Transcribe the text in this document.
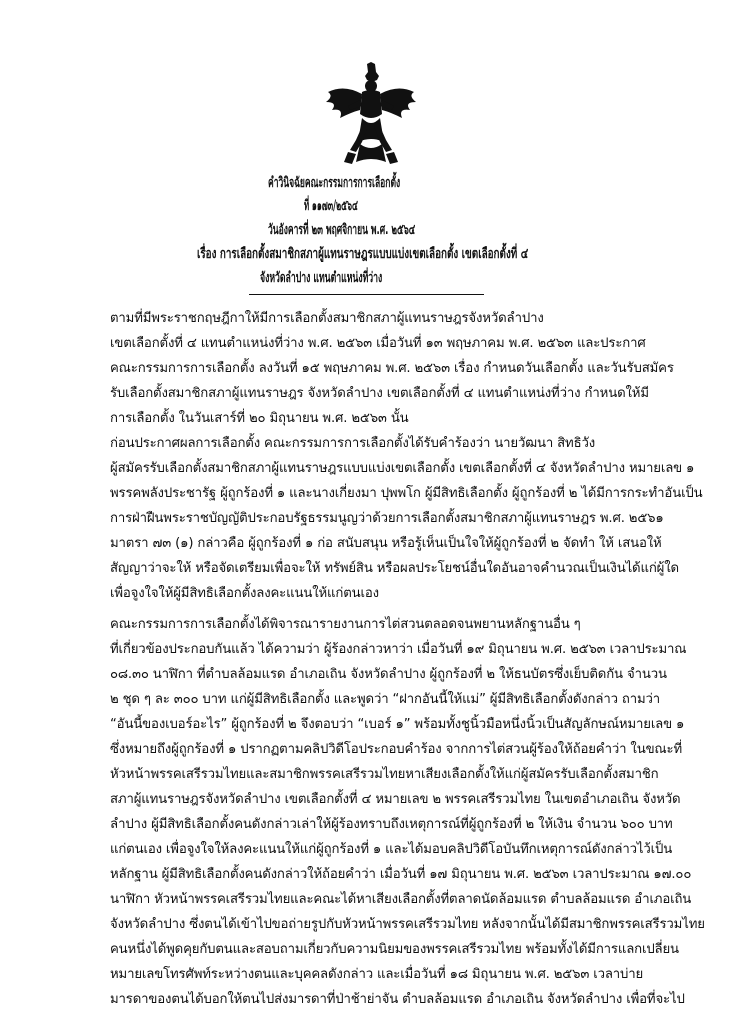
คำวินิจฉัยคณะกรรมการการเลือกตั้ง
ที่ ๑๑๗๓/๒๕๖๔
วันอังคารที่ ๒๓ พฤศจิกายน พ.ศ. ๒๕๖๔
เรื่อง การเลือกตั้งสมาชิกสภาผู้แทนราษฎรแบบแบ่งเขตเลือกตั้ง เขตเลือกตั้งที่ ๔
จังหวัดลำปาง แทนตำแหน่งที่ว่าง
ตามที่มีพระราชกฤษฎีกาให้มีการเลือกตั้งสมาชิกสภาผู้แทนราษฎรจังหวัดลำปาง
เขตเลือกตั้งที่ ๔ แทนตำแหน่งที่ว่าง พ.ศ. ๒๕๖๓ เมื่อวันที่ ๑๓ พฤษภาคม พ.ศ. ๒๕๖๓ และประกาศ
คณะกรรมการการเลือกตั้ง ลงวันที่ ๑๕ พฤษภาคม พ.ศ. ๒๕๖๓ เรื่อง กำหนดวันเลือกตั้ง และวันรับสมัคร
รับเลือกตั้งสมาชิกสภาผู้แทนราษฎร จังหวัดลำปาง เขตเลือกตั้งที่ ๔ แทนตำแหน่งที่ว่าง กำหนดให้มี
การเลือกตั้ง ในวันเสาร์ที่ ๒๐ มิถุนายน พ.ศ. ๒๕๖๓ นั้น
ก่อนประกาศผลการเลือกตั้ง คณะกรรมการการเลือกตั้งได้รับคำร้องว่า นายวัฒนา สิทธิวัง
ผู้สมัครรับเลือกตั้งสมาชิกสภาผู้แทนราษฎรแบบแบ่งเขตเลือกตั้ง เขตเลือกตั้งที่ ๔ จังหวัดลำปาง หมายเลข ๑
พรรคพลังประชารัฐ ผู้ถูกร้องที่ ๑ และนางเกี่ยงมา ปุพพโก ผู้มีสิทธิเลือกตั้ง ผู้ถูกร้องที่ ๒ ได้มีการกระทำอันเป็น
การฝ่าฝืนพระราชบัญญัติประกอบรัฐธรรมนูญว่าด้วยการเลือกตั้งสมาชิกสภาผู้แทนราษฎร พ.ศ. ๒๕๖๑
มาตรา ๗๓ (๑) กล่าวคือ ผู้ถูกร้องที่ ๑ ก่อ สนับสนุน หรือรู้เห็นเป็นใจให้ผู้ถูกร้องที่ ๒ จัดทำ ให้ เสนอให้
สัญญาว่าจะให้ หรือจัดเตรียมเพื่อจะให้ ทรัพย์สิน หรือผลประโยชน์อื่นใดอันอาจคำนวณเป็นเงินได้แก่ผู้ใด
เพื่อจูงใจให้ผู้มีสิทธิเลือกตั้งลงคะแนนให้แก่ตนเอง
คณะกรรมการการเลือกตั้งได้พิจารณารายงานการไต่สวนตลอดจนพยานหลักฐานอื่น ๆ
ที่เกี่ยวข้องประกอบกันแล้ว ได้ความว่า ผู้ร้องกล่าวหาว่า เมื่อวันที่ ๑๙ มิถุนายน พ.ศ. ๒๕๖๓ เวลาประมาณ
๐๘.๓๐ นาฬิกา ที่ตำบลล้อมแรด อำเภอเถิน จังหวัดลำปาง ผู้ถูกร้องที่ ๒ ให้ธนบัตรซึ่งเย็บติดกัน จำนวน
๒ ชุด ๆ ละ ๓๐๐ บาท แก่ผู้มีสิทธิเลือกตั้ง และพูดว่า “ฝากอันนี้ให้แม่” ผู้มีสิทธิเลือกตั้งดังกล่าว ถามว่า
“อันนี้ของเบอร์อะไร” ผู้ถูกร้องที่ ๒ จึงตอบว่า “เบอร์ ๑” พร้อมทั้งชูนิ้วมือหนึ่งนิ้วเป็นสัญลักษณ์หมายเลข ๑
ซึ่งหมายถึงผู้ถูกร้องที่ ๑ ปรากฏตามคลิปวิดีโอประกอบคำร้อง จากการไต่สวนผู้ร้องให้ถ้อยคำว่า ในขณะที่
หัวหน้าพรรคเสรีรวมไทยและสมาชิกพรรคเสรีรวมไทยหาเสียงเลือกตั้งให้แก่ผู้สมัครรับเลือกตั้งสมาชิก
สภาผู้แทนราษฎรจังหวัดลำปาง เขตเลือกตั้งที่ ๔ หมายเลข ๒ พรรคเสรีรวมไทย ในเขตอำเภอเถิน จังหวัด
ลำปาง ผู้มีสิทธิเลือกตั้งคนดังกล่าวเล่าให้ผู้ร้องทราบถึงเหตุการณ์ที่ผู้ถูกร้องที่ ๒ ให้เงิน จำนวน ๖๐๐ บาท
แก่ตนเอง เพื่อจูงใจให้ลงคะแนนให้แก่ผู้ถูกร้องที่ ๑ และได้มอบคลิปวิดีโอบันทึกเหตุการณ์ดังกล่าวไว้เป็น
หลักฐาน ผู้มีสิทธิเลือกตั้งคนดังกล่าวให้ถ้อยคำว่า เมื่อวันที่ ๑๗ มิถุนายน พ.ศ. ๒๕๖๓ เวลาประมาณ ๑๗.๐๐
นาฬิกา หัวหน้าพรรคเสรีรวมไทยและคณะได้หาเสียงเลือกตั้งที่ตลาดนัดล้อมแรด ตำบลล้อมแรด อำเภอเถิน
จังหวัดลำปาง ซึ่งตนได้เข้าไปขอถ่ายรูปกับหัวหน้าพรรคเสรีรวมไทย หลังจากนั้นได้มีสมาชิกพรรคเสรีรวมไทย
คนหนึ่งได้พูดคุยกับตนและสอบถามเกี่ยวกับความนิยมของพรรคเสรีรวมไทย พร้อมทั้งได้มีการแลกเปลี่ยน
หมายเลขโทรศัพท์ระหว่างตนและบุคคลดังกล่าว และเมื่อวันที่ ๑๘ มิถุนายน พ.ศ. ๒๕๖๓ เวลาบ่าย
มารดาของตนได้บอกให้ตนไปส่งมารดาที่ป่าช้าย่าจัน ตำบลล้อมแรด อำเภอเถิน จังหวัดลำปาง เพื่อที่จะไป
